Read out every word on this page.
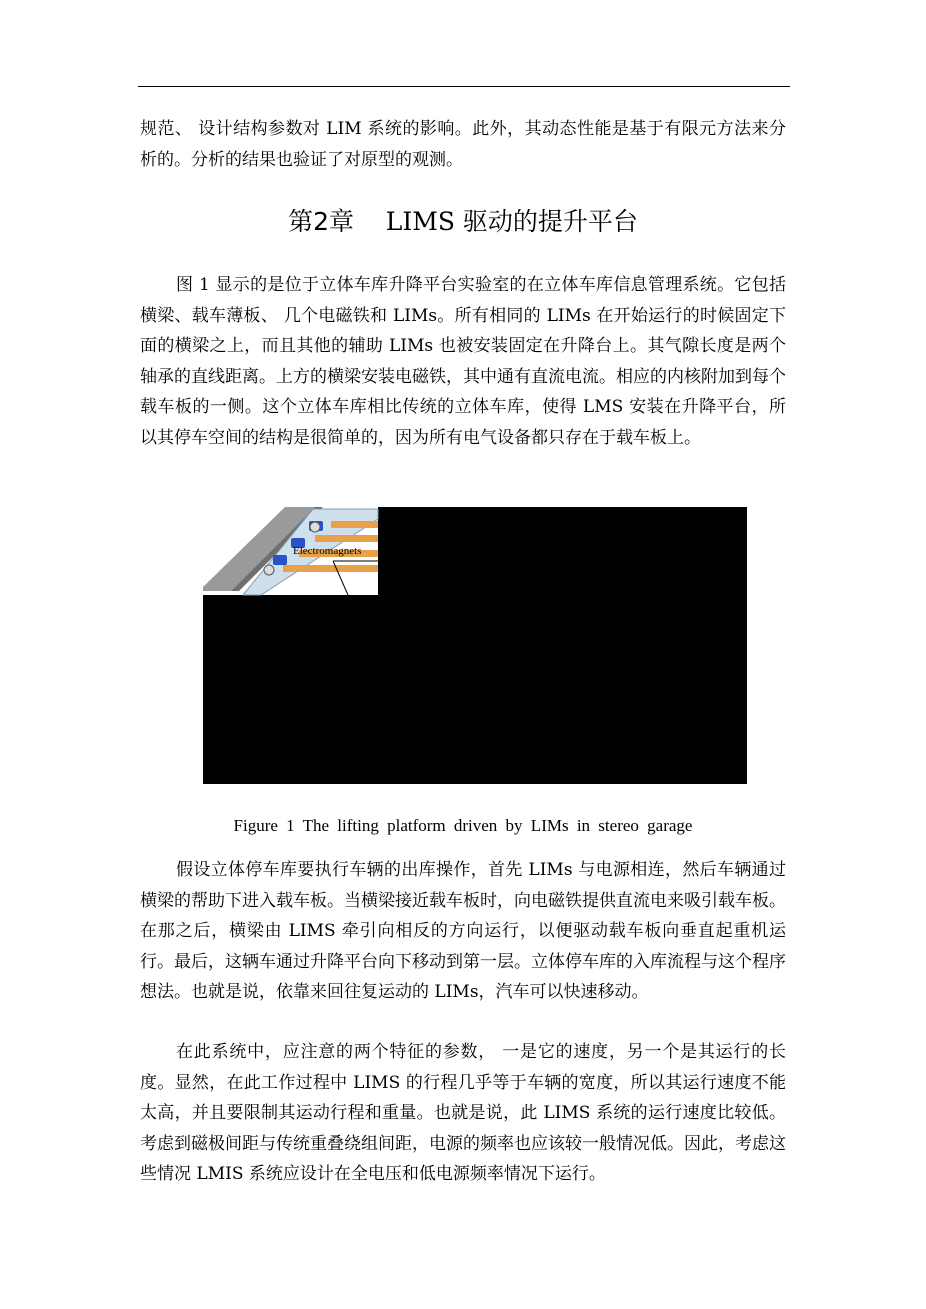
规范、 设计结构参数对 LIM 系统的影响。此外，其动态性能是基于有限元方法来分析的。分析的结果也验证了对原型的观测。

第2章 LIMS 驱动的提升平台

图 1 显示的是位于立体车库升降平台实验室的在立体车库信息管理系统。它包括横梁、载车薄板、 几个电磁铁和 LIMs。所有相同的 LIMs 在开始运行的时候固定下面的横梁之上，而且其他的辅助 LIMs 也被安装固定在升降台上。其气隙长度是两个轴承的直线距离。上方的横梁安装电磁铁，其中通有直流电流。相应的内核附加到每个载车板的一侧。这个立体车库相比传统的立体车库，使得 LMS 安装在升降平台，所以其停车空间的结构是很简单的，因为所有电气设备都只存在于载车板上。

Electromagnets

Figure 1 The lifting platform driven by LIMs in stereo garage

假设立体停车库要执行车辆的出库操作，首先 LIMs 与电源相连，然后车辆通过横梁的帮助下进入载车板。当横梁接近载车板时，向电磁铁提供直流电来吸引载车板。在那之后，横梁由 LIMS 牵引向相反的方向运行，以便驱动载车板向垂直起重机运行。最后，这辆车通过升降平台向下移动到第一层。立体停车库的入库流程与这个程序想法。也就是说，依靠来回往复运动的 LIMs，汽车可以快速移动。

在此系统中，应注意的两个特征的参数， 一是它的速度，另一个是其运行的长度。显然，在此工作过程中 LIMS 的行程几乎等于车辆的宽度，所以其运行速度不能太高，并且要限制其运动行程和重量。也就是说，此 LIMS 系统的运行速度比较低。考虑到磁极间距与传统重叠绕组间距，电源的频率也应该较一般情况低。因此，考虑这些情况 LMIS 系统应设计在全电压和低电源频率情况下运行。
